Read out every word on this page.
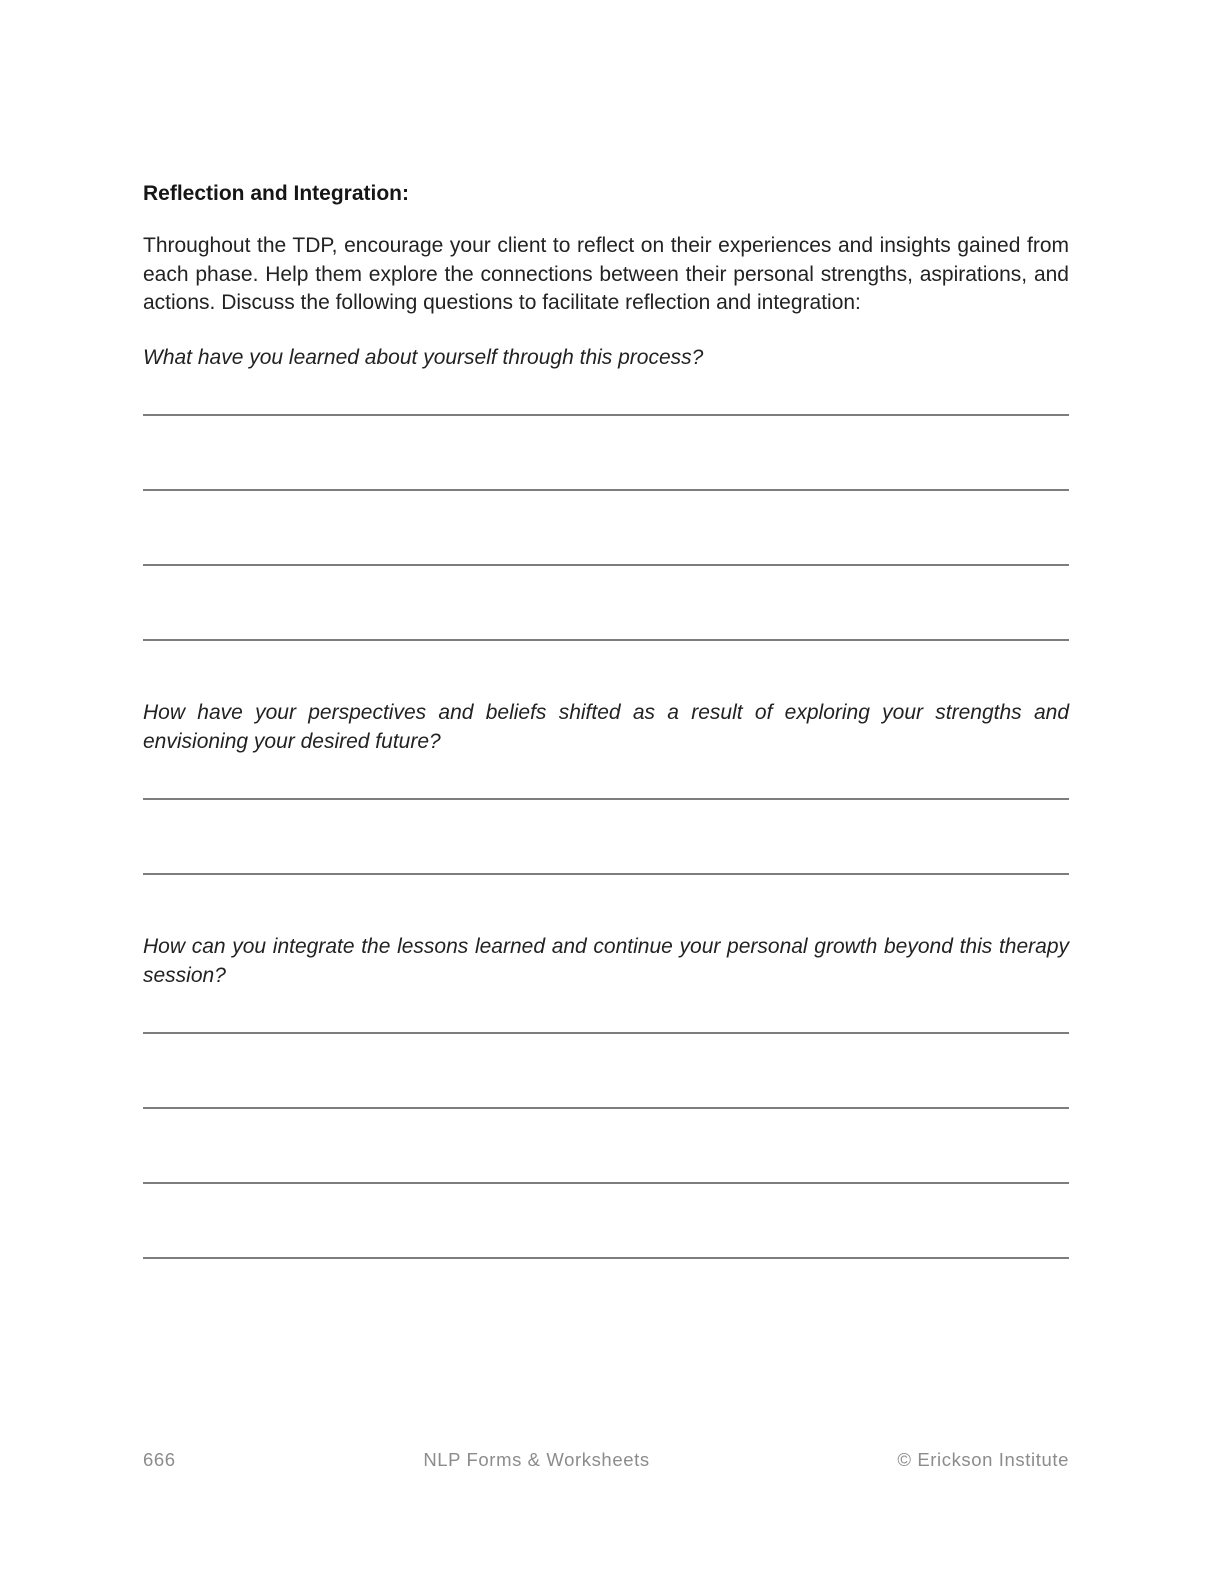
Reflection and Integration:

Throughout the TDP, encourage your client to reflect on their experiences and insights gained from each phase. Help them explore the connections between their personal strengths, aspirations, and actions. Discuss the following questions to facilitate reflection and integration:

What have you learned about yourself through this process?

How have your perspectives and beliefs shifted as a result of exploring your strengths and envisioning your desired future?

How can you integrate the lessons learned and continue your personal growth beyond this therapy session?

666	NLP Forms & Worksheets	© Erickson Institute
